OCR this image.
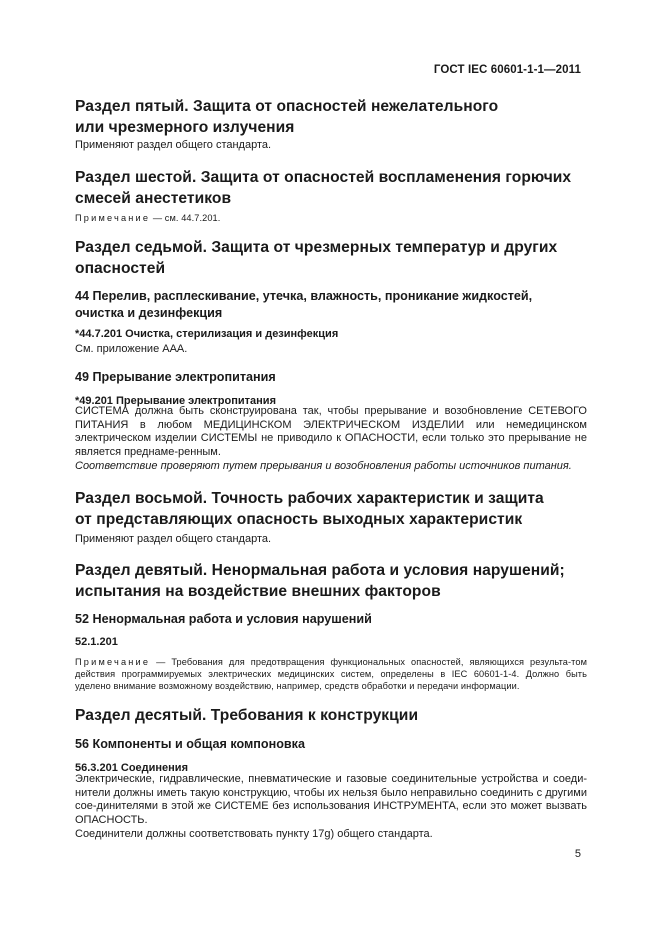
ГОСТ IEC 60601-1-1—2011
Раздел пятый. Защита от опасностей нежелательного
или чрезмерного излучения
Применяют раздел общего стандарта.
Раздел шестой. Защита от опасностей воспламенения горючих
смесей анестетиков
Примечание — см. 44.7.201.
Раздел седьмой. Защита от чрезмерных температур и других
опасностей
44 Перелив, расплескивание, утечка, влажность, проникание жидкостей,
очистка и дезинфекция
*44.7.201 Очистка, стерилизация и дезинфекция
См. приложение ААА.
49 Прерывание электропитания
*49.201 Прерывание электропитания
СИСТЕМА должна быть сконструирована так, чтобы прерывание и возобновление СЕТЕВОГО ПИТАНИЯ в любом МЕДИЦИНСКОМ ЭЛЕКТРИЧЕСКОМ ИЗДЕЛИИ или немедицинском электрическом изделии СИСТЕМЫ не приводило к ОПАСНОСТИ, если только это прерывание не является преднаме-ренным.
Соответствие проверяют путем прерывания и возобновления работы источников питания.
Раздел восьмой. Точность рабочих характеристик и защита
от представляющих опасность выходных характеристик
Применяют раздел общего стандарта.
Раздел девятый. Ненормальная работа и условия нарушений;
испытания на воздействие внешних факторов
52 Ненормальная работа и условия нарушений
52.1.201
Примечание — Требования для предотвращения функциональных опасностей, являющихся результа-том действия программируемых электрических медицинских систем, определены в IEC 60601-1-4. Должно быть уделено внимание возможному воздействию, например, средств обработки и передачи информации.
Раздел десятый. Требования к конструкции
56 Компоненты и общая компоновка
56.3.201 Соединения
Электрические, гидравлические, пневматические и газовые соединительные устройства и соеди-нители должны иметь такую конструкцию, чтобы их нельзя было неправильно соединить с другими сое-динителями в этой же СИСТЕМЕ без использования ИНСТРУМЕНТА, если это может вызвать ОПАСНОСТЬ.
Соединители должны соответствовать пункту 17g) общего стандарта.
5
